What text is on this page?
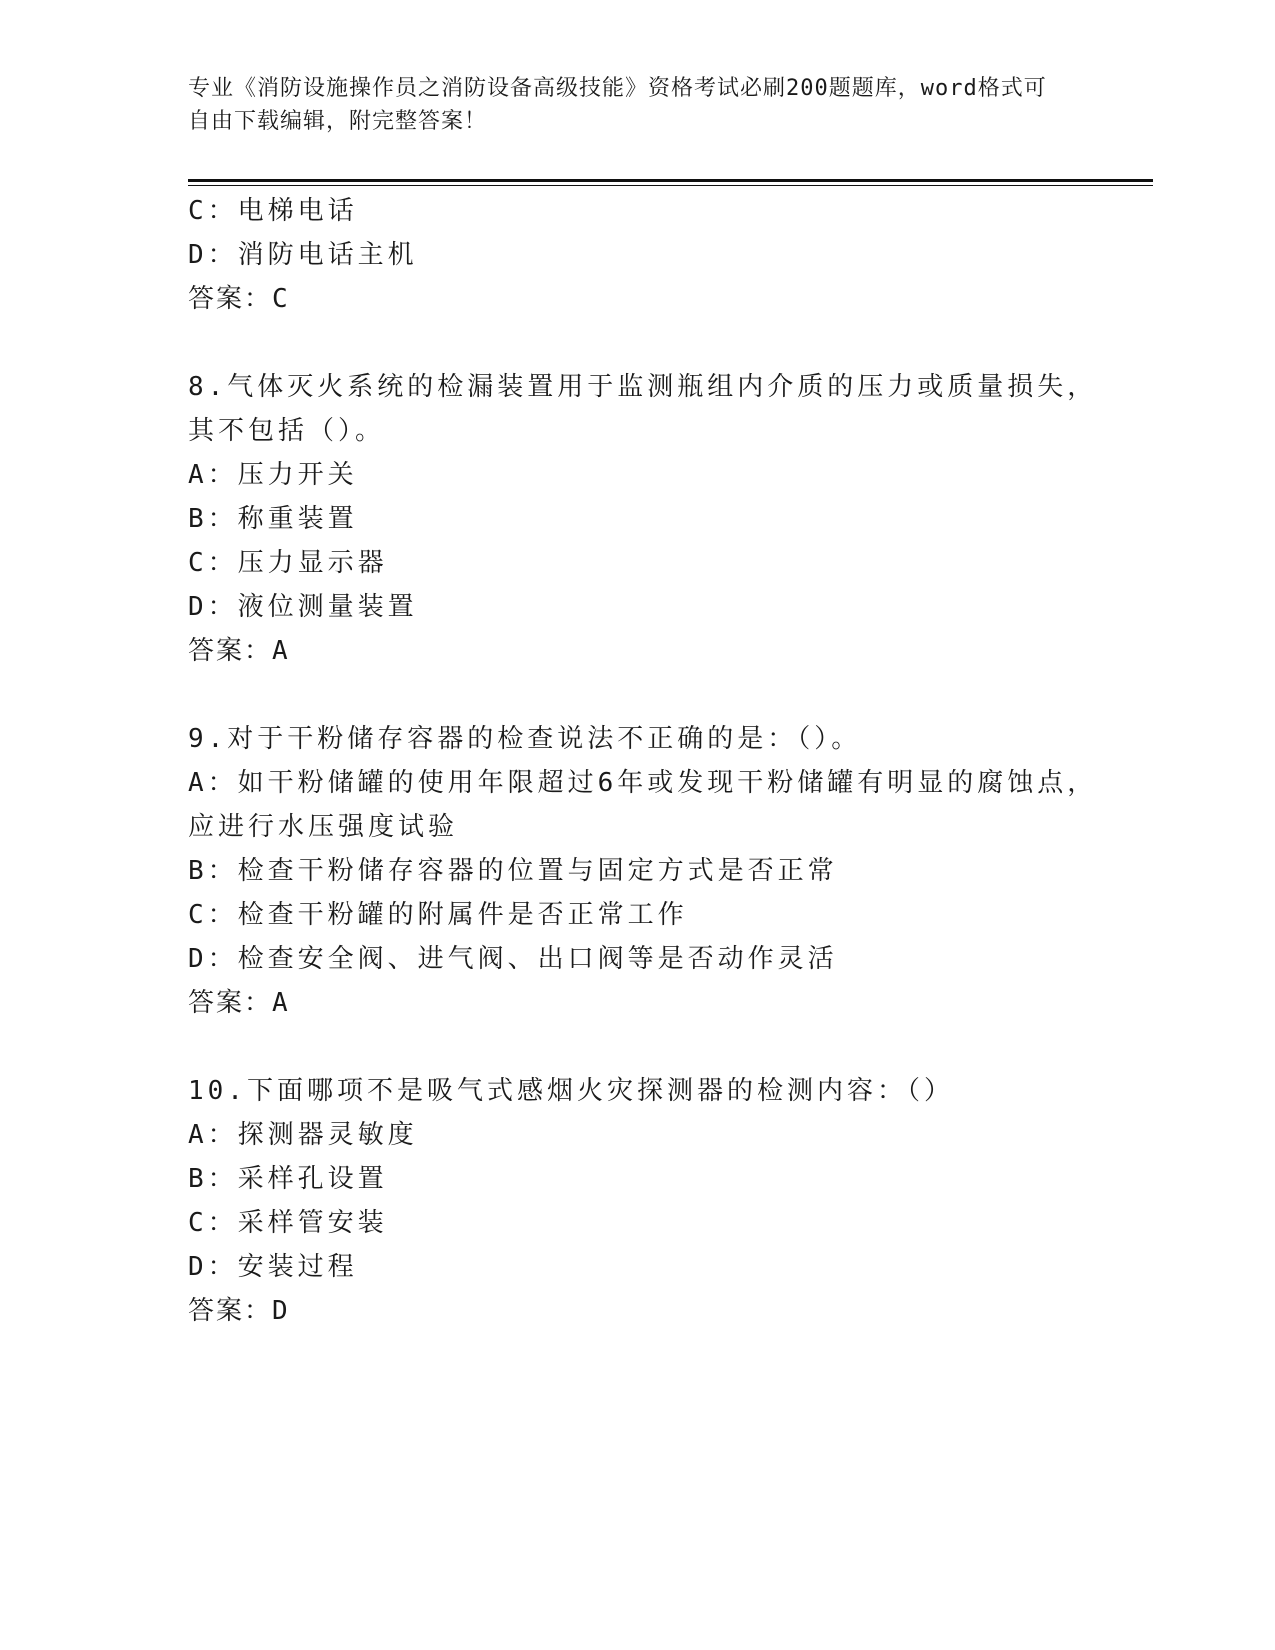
专业《消防设施操作员之消防设备高级技能》资格考试必刷200题题库，word格式可自由下载编辑，附完整答案！
C：电梯电话
D：消防电话主机
答案：C
8.气体灭火系统的检漏装置用于监测瓶组内介质的压力或质量损失，
其不包括（）。
A：压力开关
B：称重装置
C：压力显示器
D：液位测量装置
答案：A
9.对于干粉储存容器的检查说法不正确的是：（）。
A：如干粉储罐的使用年限超过6年或发现干粉储罐有明显的腐蚀点，
应进行水压强度试验
B：检查干粉储存容器的位置与固定方式是否正常
C：检查干粉罐的附属件是否正常工作
D：检查安全阀、进气阀、出口阀等是否动作灵活
答案：A
10.下面哪项不是吸气式感烟火灾探测器的检测内容：（）
A：探测器灵敏度
B：采样孔设置
C：采样管安装
D：安装过程
答案：D
